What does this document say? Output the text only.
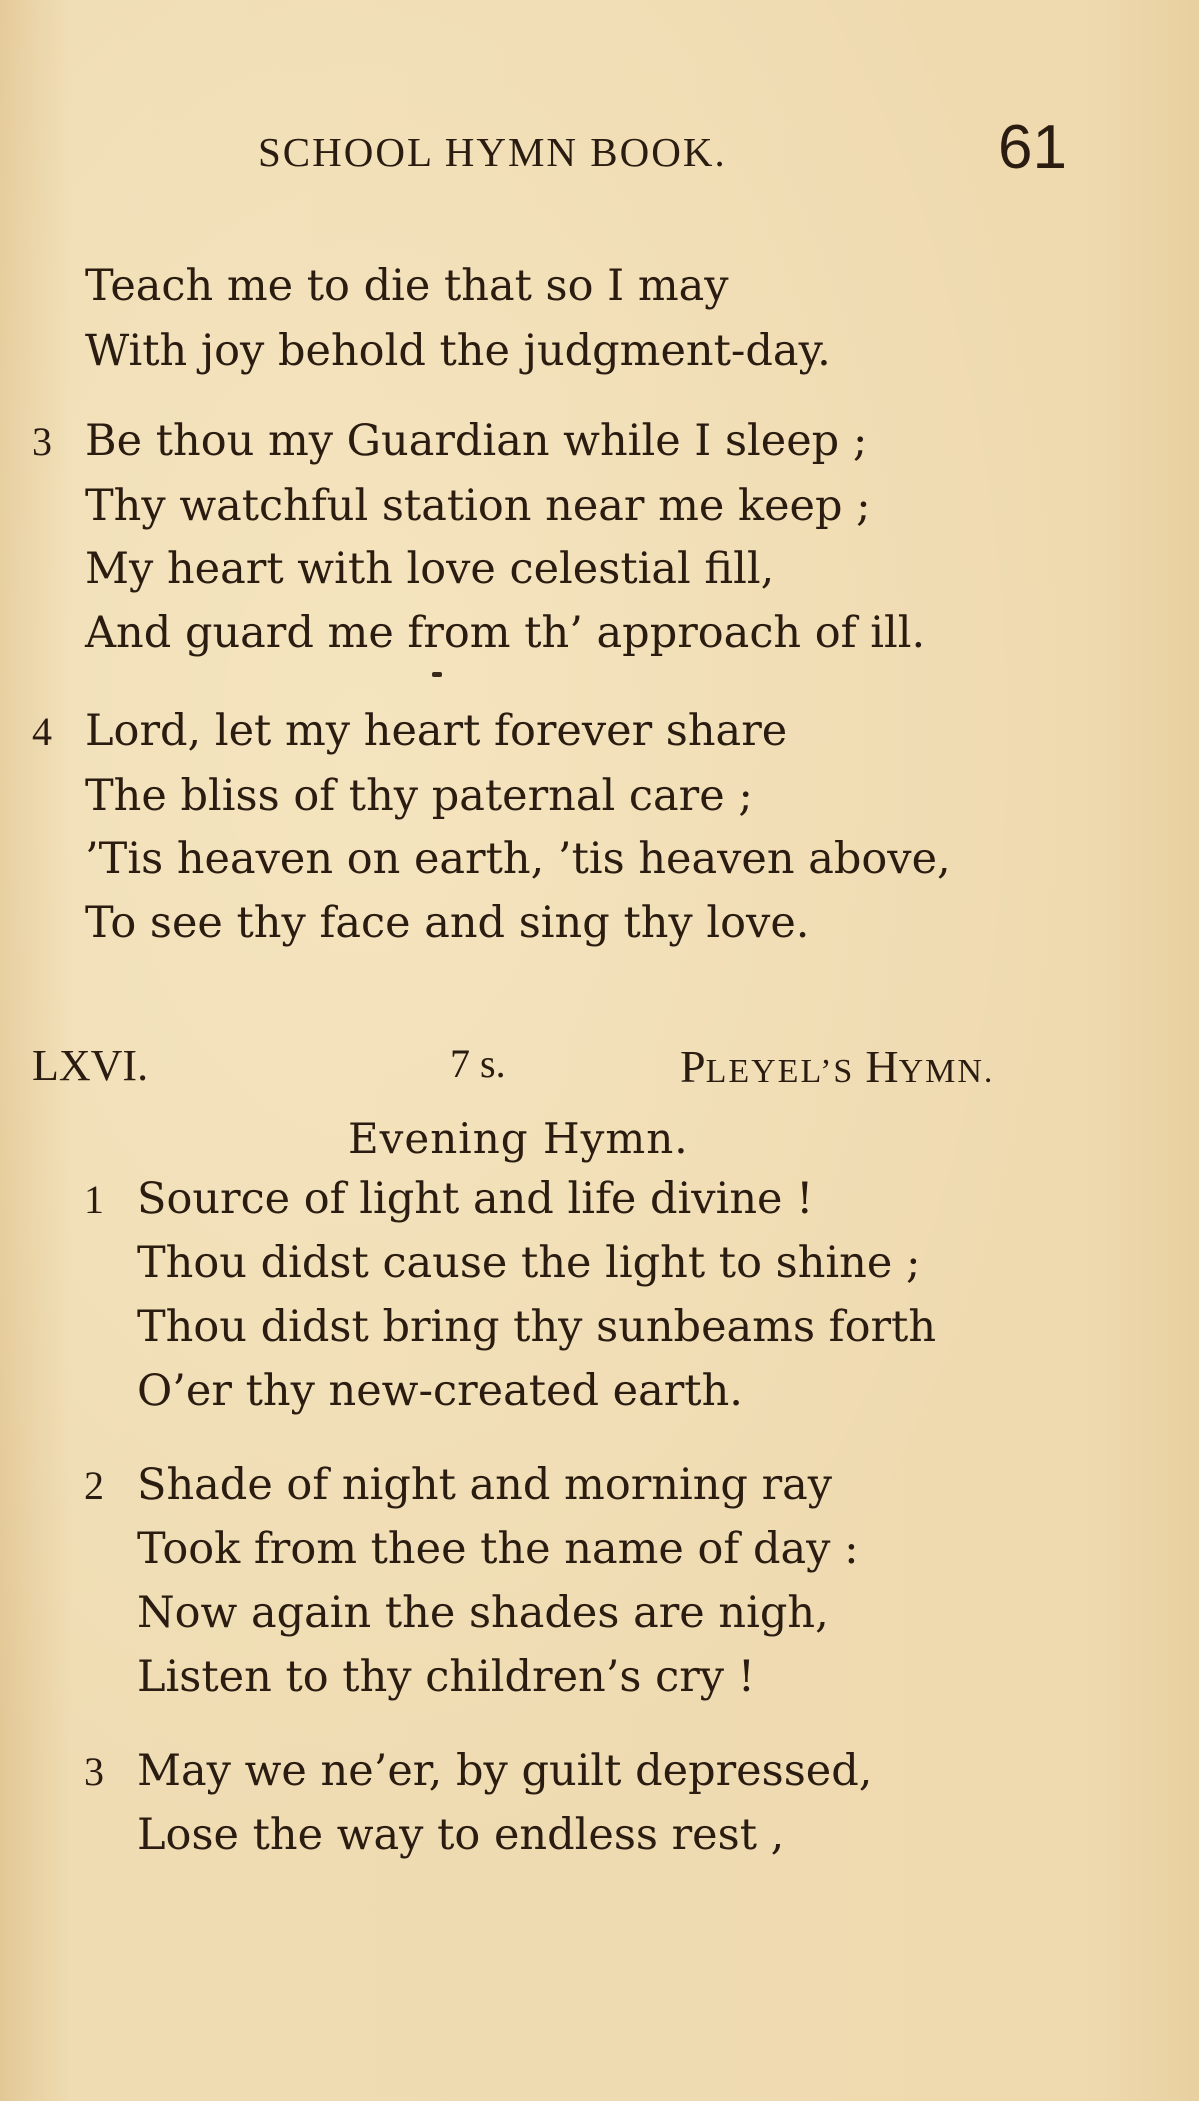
SCHOOL HYMN BOOK.	61
Teach me to die that so I may
With joy behold the judgment-day.
3 Be thou my Guardian while I sleep ;
Thy watchful station near me keep ;
My heart with love celestial fill,
And guard me from th’ approach of ill.
4 Lord, let my heart forever share
The bliss of thy paternal care ;
’Tis heaven on earth, ’tis heaven above,
To see thy face and sing thy love.
LXVI.	7 s.	PLEYEL’S HYMN.
Evening Hymn.
1 Source of light and life divine !
Thou didst cause the light to shine ;
Thou didst bring thy sunbeams forth
O’er thy new-created earth.
2 Shade of night and morning ray
Took from thee the name of day :
Now again the shades are nigh,
Listen to thy children’s cry !
3 May we ne’er, by guilt depressed,
Lose the way to endless rest ,
